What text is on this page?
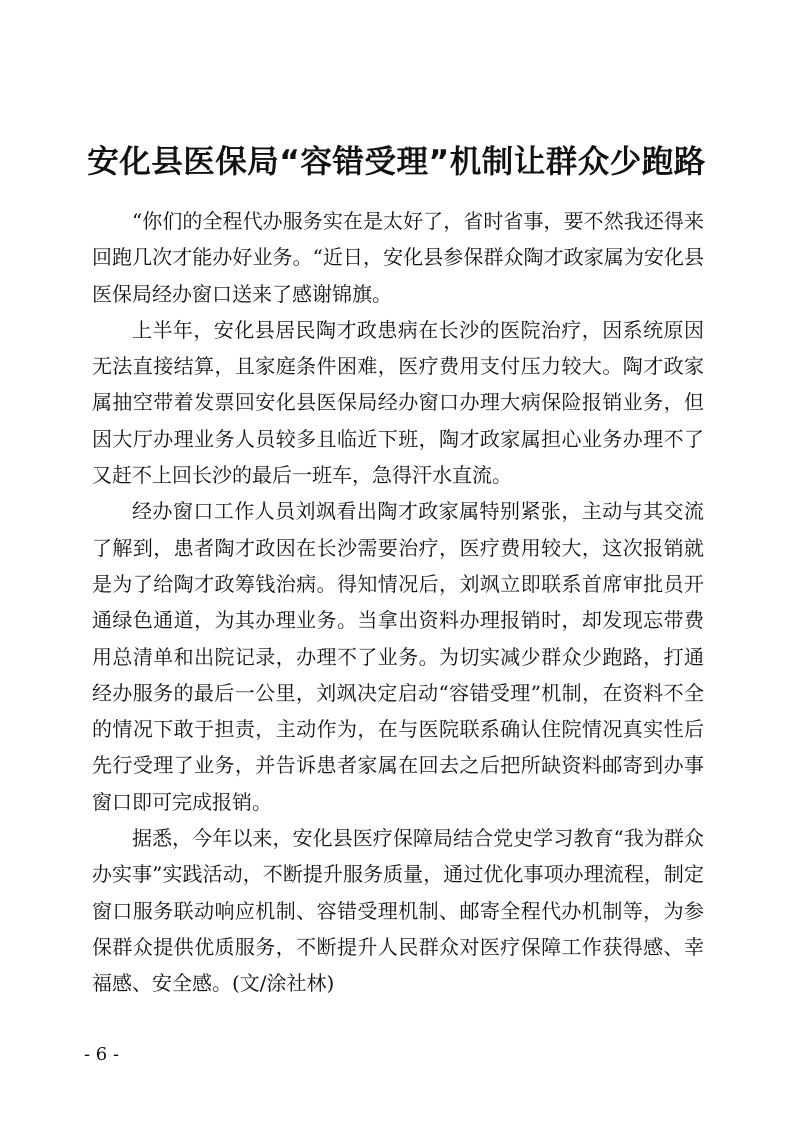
安化县医保局“容错受理”机制让群众少跑路

“你们的全程代办服务实在是太好了，省时省事，要不然我还得来回跑几次才能办好业务。“近日，安化县参保群众陶才政家属为安化县医保局经办窗口送来了感谢锦旗。

上半年，安化县居民陶才政患病在长沙的医院治疗，因系统原因无法直接结算，且家庭条件困难，医疗费用支付压力较大。陶才政家属抽空带着发票回安化县医保局经办窗口办理大病保险报销业务，但因大厅办理业务人员较多且临近下班，陶才政家属担心业务办理不了又赶不上回长沙的最后一班车，急得汗水直流。

经办窗口工作人员刘飒看出陶才政家属特别紧张，主动与其交流了解到，患者陶才政因在长沙需要治疗，医疗费用较大，这次报销就是为了给陶才政筹钱治病。得知情况后，刘飒立即联系首席审批员开通绿色通道，为其办理业务。当拿出资料办理报销时，却发现忘带费用总清单和出院记录，办理不了业务。为切实减少群众少跑路，打通经办服务的最后一公里，刘飒决定启动“容错受理”机制，在资料不全的情况下敢于担责，主动作为，在与医院联系确认住院情况真实性后先行受理了业务，并告诉患者家属在回去之后把所缺资料邮寄到办事窗口即可完成报销。

据悉，今年以来，安化县医疗保障局结合党史学习教育“我为群众办实事”实践活动，不断提升服务质量，通过优化事项办理流程，制定窗口服务联动响应机制、容错受理机制、邮寄全程代办机制等，为参保群众提供优质服务，不断提升人民群众对医疗保障工作获得感、幸福感、安全感。(文/涂社林)

- 6 -
